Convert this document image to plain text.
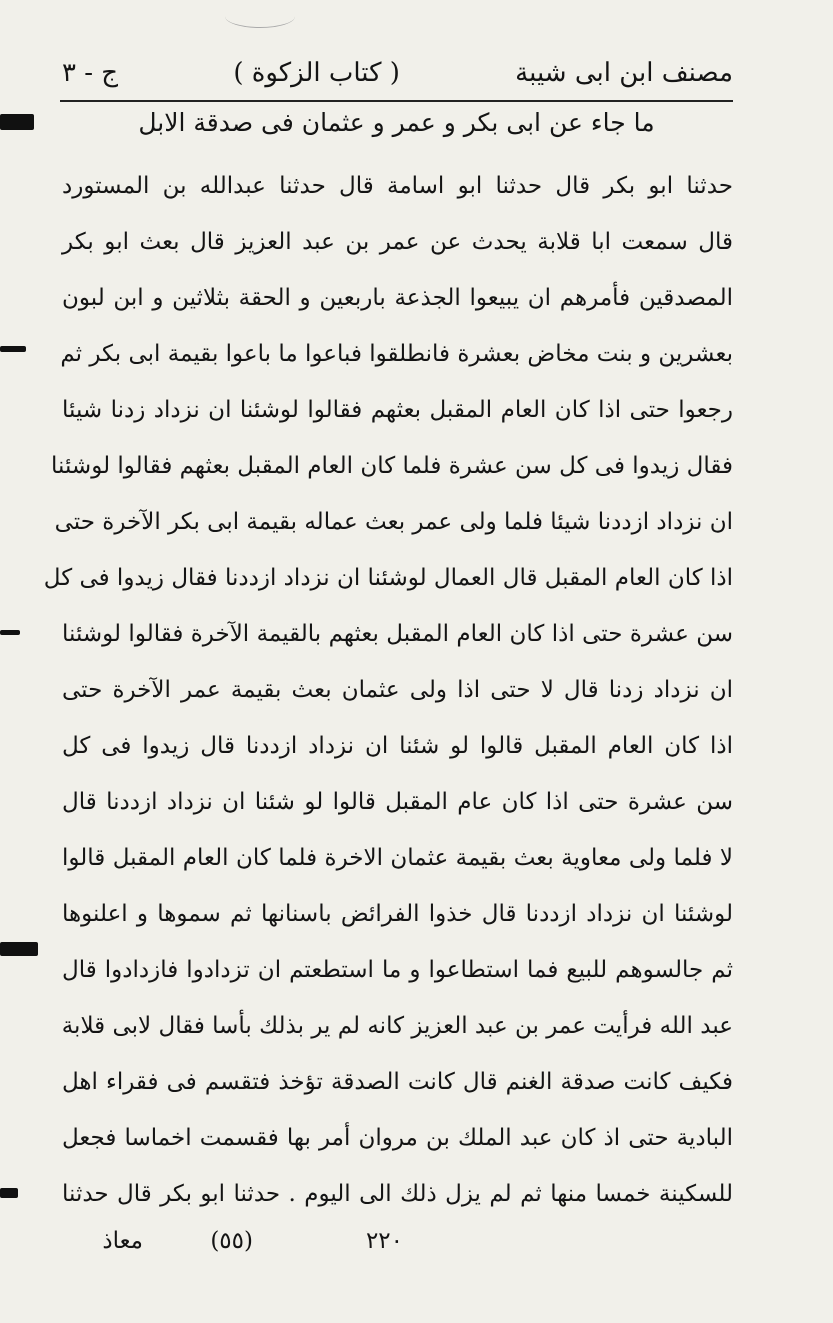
مصنف ابن ابی شیبة
( کتاب الزکوة )
ج - ٣
ما جاء عن ابی بکر و عمر و عثمان فی صدقة الابل
حدثنا ابو بکر قال حدثنا ابو اسامة قال حدثنا عبدالله بن المستورد
قال سمعت ابا قلابة یحدث عن عمر بن عبد العزیز قال بعث ابو بکر
المصدقین فأمرهم ان یبیعوا الجذعة باربعین و الحقة بثلاثین و ابن لبون
بعشرین و بنت مخاض بعشرة فانطلقوا فباعوا ما باعوا بقیمة ابی بکر ثم
رجعوا حتی اذا کان العام المقبل بعثهم فقالوا لوشئنا ان نزداد زدنا شیئا
فقال زیدوا فی کل سن عشرة فلما کان العام المقبل بعثهم فقالوا لوشئنا
ان نزداد ازددنا شیئا فلما ولی عمر بعث عماله بقیمة ابی بکر الآخرة حتی
اذا کان العام المقبل قال العمال لوشئنا ان نزداد ازددنا فقال زیدوا فی کل
سن عشرة حتی اذا کان العام المقبل بعثهم بالقیمة الآخرة فقالوا لوشئنا
ان نزداد زدنا قال لا حتی اذا ولی عثمان بعث بقیمة عمر الآخرة حتی
اذا کان العام المقبل قالوا لو شئنا ان نزداد ازددنا قال زیدوا فی کل
سن عشرة حتی اذا کان عام المقبل قالوا لو شئنا ان نزداد ازددنا قال
لا فلما ولی معاویة بعث بقیمة عثمان الاخرة فلما کان العام المقبل قالوا
لوشئنا ان نزداد ازددنا قال خذوا الفرائض باسنانها ثم سموها و اعلنوها
ثم جالسوهم للبیع فما استطاعوا و ما استطعتم ان تزدادوا فازدادوا قال
عبد الله فرأیت عمر بن عبد العزیز کانه لم یر بذلك بأسا فقال لابی قلابة
فکیف کانت صدقة الغنم قال کانت الصدقة تؤخذ فتقسم فی فقراء اهل
البادیة حتی اذ کان عبد الملك بن مروان أمر بها فقسمت اخماسا فجعل
للسکینة خمسا منها ثم لم یزل ذلك الی الیوم . حدثنا ابو بکر قال حدثنا
معاذ	(٥٥)	٢٢٠
